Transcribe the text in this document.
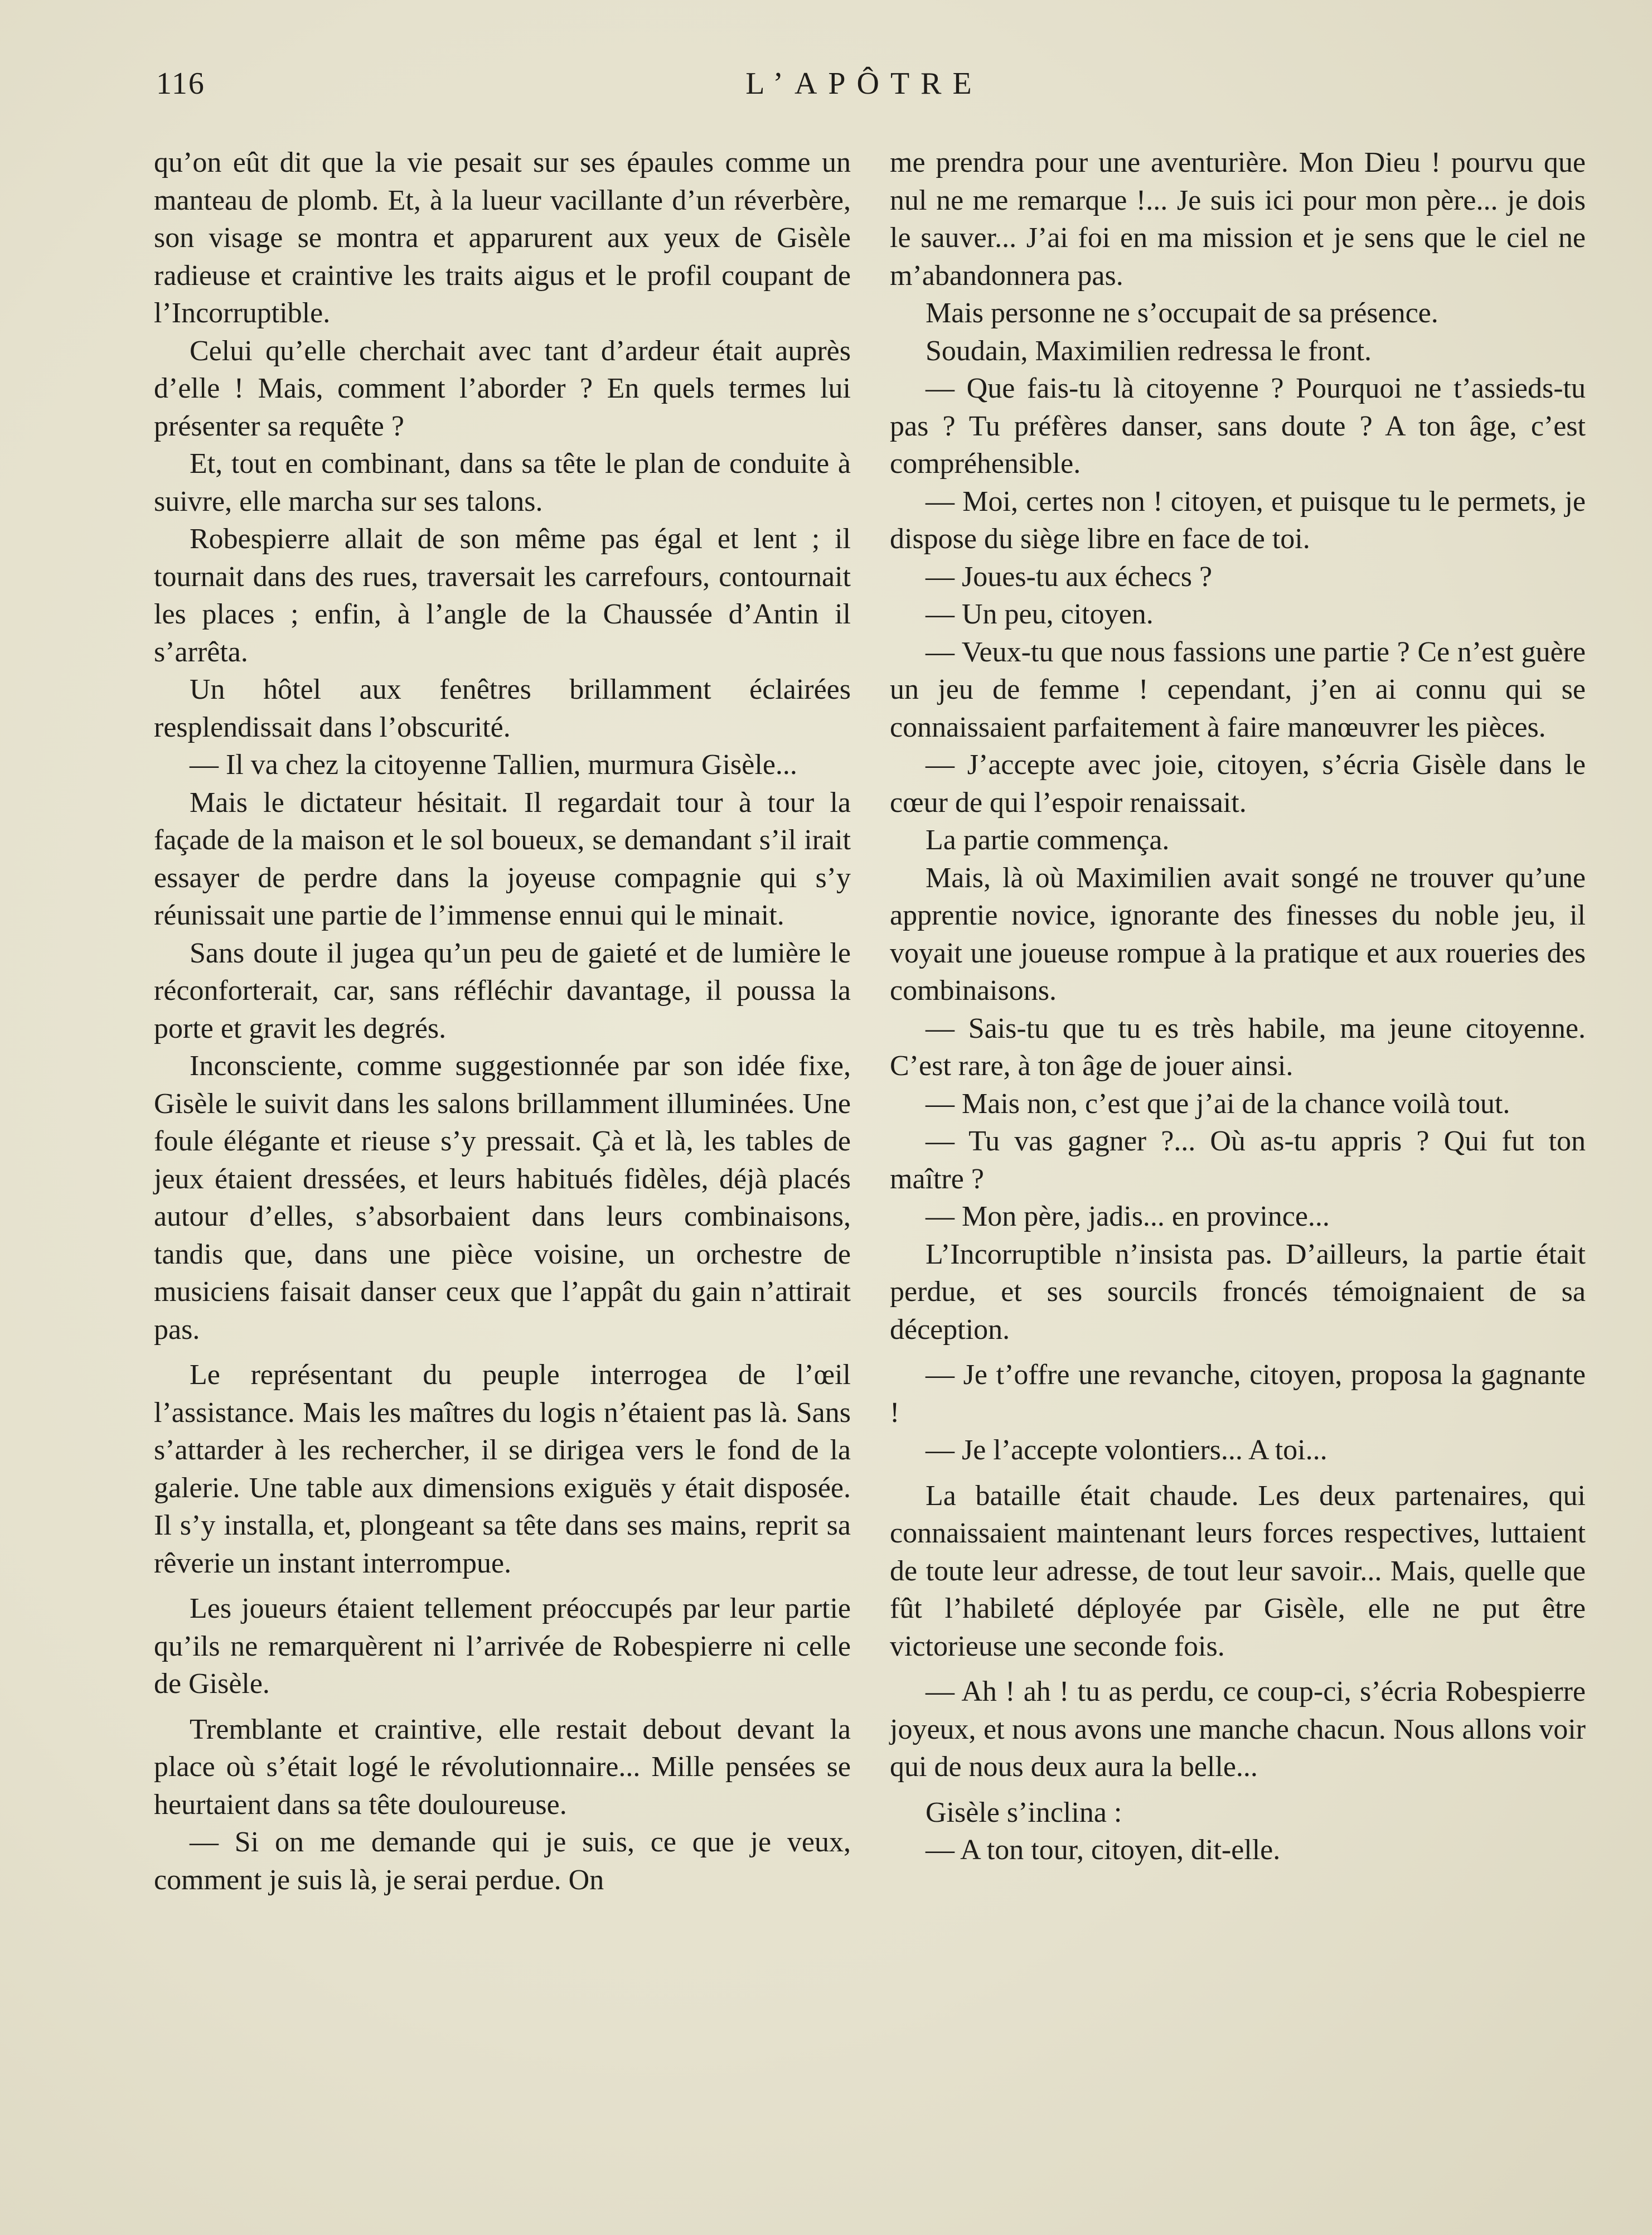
116	L’APÔTRE

qu’on eût dit que la vie pesait sur ses épaules comme un manteau de plomb. Et, à la lueur vacillante d’un réverbère, son visage se montra et apparurent aux yeux de Gisèle radieuse et craintive les traits aigus et le profil coupant de l’Incorruptible.

Celui qu’elle cherchait avec tant d’ardeur était auprès d’elle ! Mais, comment l’aborder ? En quels termes lui présenter sa requête ?

Et, tout en combinant, dans sa tête le plan de conduite à suivre, elle marcha sur ses talons.

Robespierre allait de son même pas égal et lent ; il tournait dans des rues, traversait les carrefours, contournait les places ; enfin, à l’angle de la Chaussée d’Antin il s’arrêta.

Un hôtel aux fenêtres brillamment éclairées resplendissait dans l’obscurité.

— Il va chez la citoyenne Tallien, murmura Gisèle...

Mais le dictateur hésitait. Il regardait tour à tour la façade de la maison et le sol boueux, se demandant s’il irait essayer de perdre dans la joyeuse compagnie qui s’y réunissait une partie de l’immense ennui qui le minait.

Sans doute il jugea qu’un peu de gaieté et de lumière le réconforterait, car, sans réfléchir davantage, il poussa la porte et gravit les degrés.

Inconsciente, comme suggestionnée par son idée fixe, Gisèle le suivit dans les salons brillamment illuminées. Une foule élégante et rieuse s’y pressait. Çà et là, les tables de jeux étaient dressées, et leurs habitués fidèles, déjà placés autour d’elles, s’absorbaient dans leurs combinaisons, tandis que, dans une pièce voisine, un orchestre de musiciens faisait danser ceux que l’appât du gain n’attirait pas.

Le représentant du peuple interrogea de l’œil l’assistance. Mais les maîtres du logis n’étaient pas là. Sans s’attarder à les rechercher, il se dirigea vers le fond de la galerie. Une table aux dimensions exiguës y était disposée. Il s’y installa, et, plongeant sa tête dans ses mains, reprit sa rêverie un instant interrompue.

Les joueurs étaient tellement préoccupés par leur partie qu’ils ne remarquèrent ni l’arrivée de Robespierre ni celle de Gisèle.

Tremblante et craintive, elle restait debout devant la place où s’était logé le révolutionnaire... Mille pensées se heurtaient dans sa tête douloureuse.

— Si on me demande qui je suis, ce que je veux, comment je suis là, je serai perdue. On

me prendra pour une aventurière. Mon Dieu ! pourvu que nul ne me remarque !... Je suis ici pour mon père... je dois le sauver... J’ai foi en ma mission et je sens que le ciel ne m’abandonnera pas.

Mais personne ne s’occupait de sa présence.

Soudain, Maximilien redressa le front.

— Que fais-tu là citoyenne ? Pourquoi ne t’assieds-tu pas ? Tu préfères danser, sans doute ? A ton âge, c’est compréhensible.

— Moi, certes non ! citoyen, et puisque tu le permets, je dispose du siège libre en face de toi.

— Joues-tu aux échecs ?

— Un peu, citoyen.

— Veux-tu que nous fassions une partie ? Ce n’est guère un jeu de femme ! cependant, j’en ai connu qui se connaissaient parfaitement à faire manœuvrer les pièces.

— J’accepte avec joie, citoyen, s’écria Gisèle dans le cœur de qui l’espoir renaissait.

La partie commença.

Mais, là où Maximilien avait songé ne trouver qu’une apprentie novice, ignorante des finesses du noble jeu, il voyait une joueuse rompue à la pratique et aux roueries des combinaisons.

— Sais-tu que tu es très habile, ma jeune citoyenne. C’est rare, à ton âge de jouer ainsi.

— Mais non, c’est que j’ai de la chance voilà tout.

— Tu vas gagner ?... Où as-tu appris ? Qui fut ton maître ?

— Mon père, jadis... en province...

L’Incorruptible n’insista pas. D’ailleurs, la partie était perdue, et ses sourcils froncés témoignaient de sa déception.

— Je t’offre une revanche, citoyen, proposa la gagnante !

— Je l’accepte volontiers... A toi...

La bataille était chaude. Les deux partenaires, qui connaissaient maintenant leurs forces respectives, luttaient de toute leur adresse, de tout leur savoir... Mais, quelle que fût l’habileté déployée par Gisèle, elle ne put être victorieuse une seconde fois.

— Ah ! ah ! tu as perdu, ce coup-ci, s’écria Robespierre joyeux, et nous avons une manche chacun. Nous allons voir qui de nous deux aura la belle...

Gisèle s’inclina :

— A ton tour, citoyen, dit-elle.
